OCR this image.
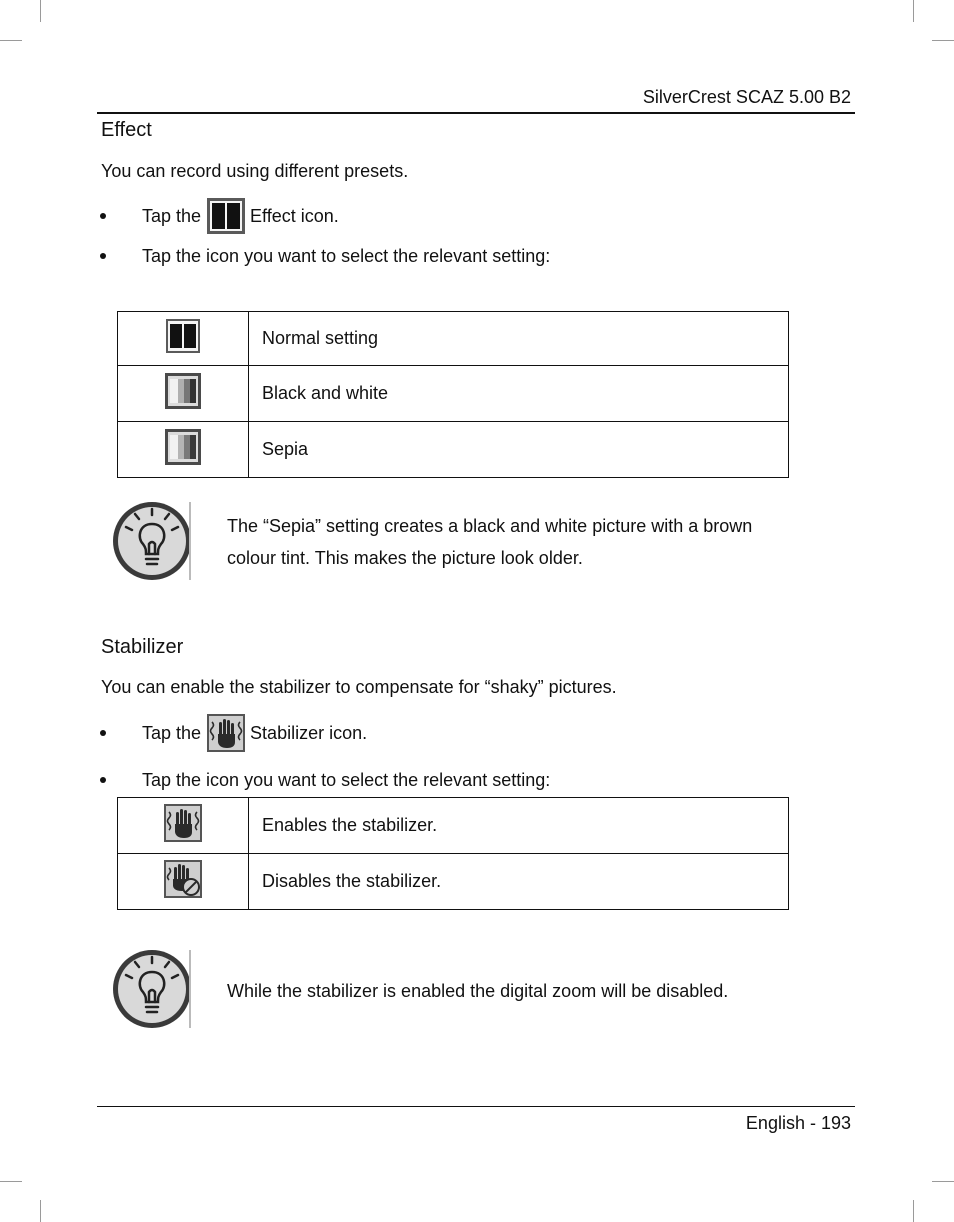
SilverCrest SCAZ 5.00 B2
Effect
You can record using different presets.
Tap the	Effect icon.
Tap the icon you want to select the relevant setting:
	Normal setting
	Black and white
	Sepia
The “Sepia” setting creates a black and white picture with a brown colour tint. This makes the picture look older.
Stabilizer
You can enable the stabilizer to compensate for “shaky” pictures.
Tap the	Stabilizer icon.
Tap the icon you want to select the relevant setting:
	Enables the stabilizer.
	Disables the stabilizer.
While the stabilizer is enabled the digital zoom will be disabled.
English - 193
